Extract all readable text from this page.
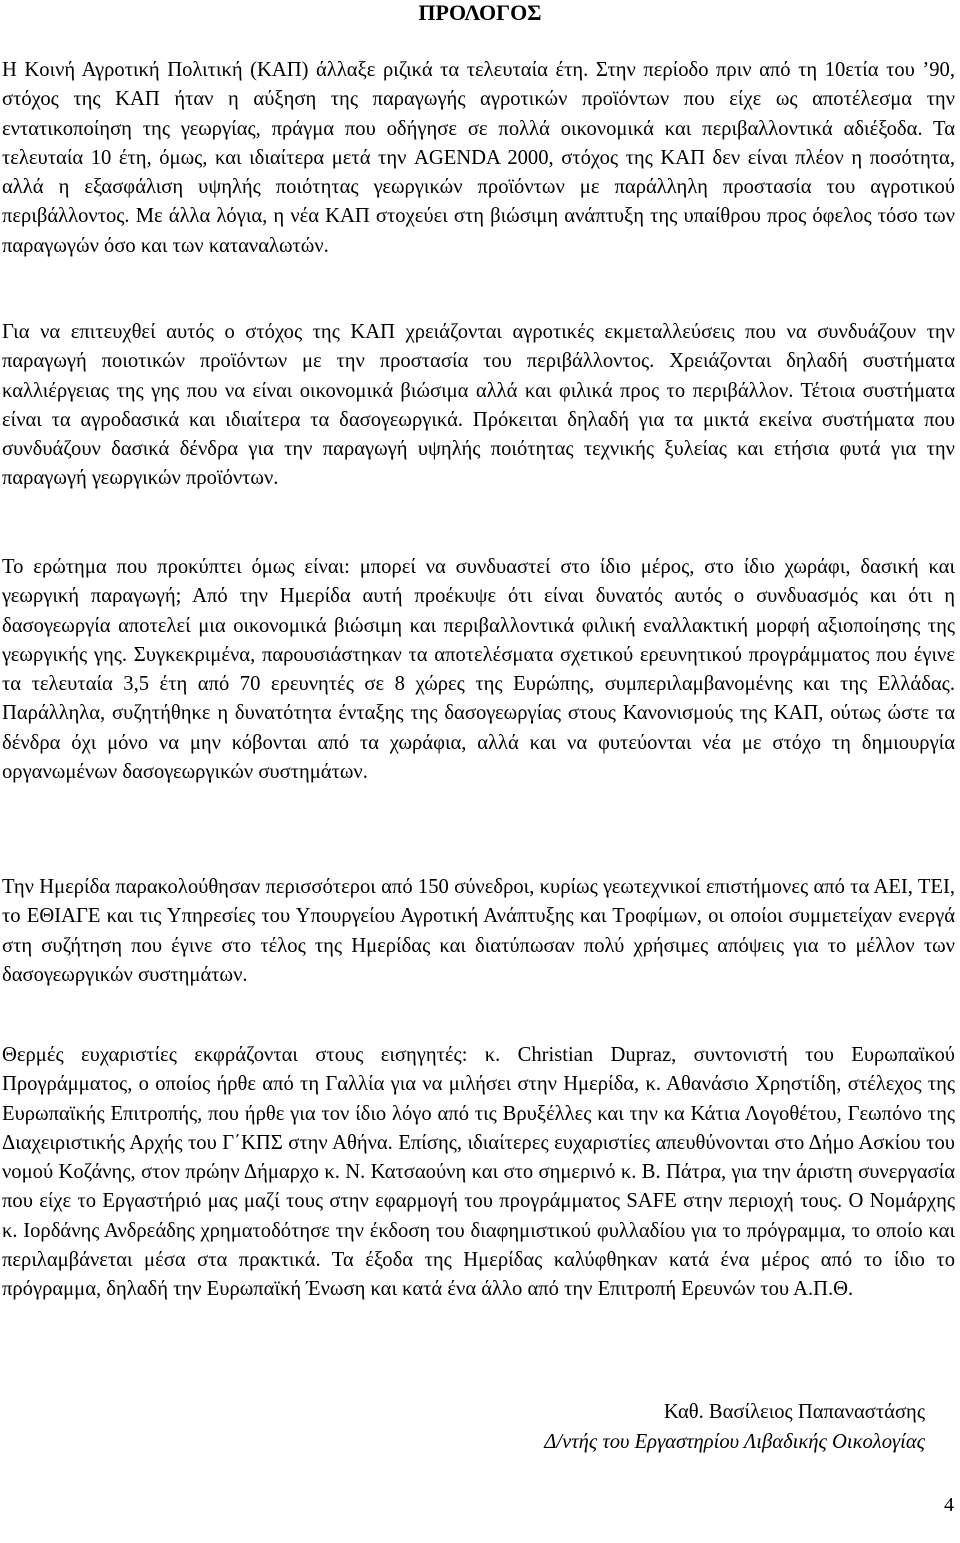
ΠΡΟΛΟΓΟΣ

Η Κοινή Αγροτική Πολιτική (ΚΑΠ) άλλαξε ριζικά τα τελευταία έτη. Στην περίοδο πριν από τη 10ετία του ’90, στόχος της ΚΑΠ ήταν η αύξηση της παραγωγής αγροτικών προϊόντων που είχε ως αποτέλεσμα την εντατικοποίηση της γεωργίας, πράγμα που οδήγησε σε πολλά οικονομικά και περιβαλλοντικά αδιέξοδα. Τα τελευταία 10 έτη, όμως, και ιδιαίτερα μετά την AGENDA 2000, στόχος της ΚΑΠ δεν είναι πλέον η ποσότητα, αλλά η εξασφάλιση υψηλής ποιότητας γεωργικών προϊόντων με παράλληλη προστασία του αγροτικού περιβάλλοντος. Με άλλα λόγια, η νέα ΚΑΠ στοχεύει στη βιώσιμη ανάπτυξη της υπαίθρου προς όφελος τόσο των παραγωγών όσο και των καταναλωτών.

Για να επιτευχθεί αυτός ο στόχος της ΚΑΠ χρειάζονται αγροτικές εκμεταλλεύσεις που να συνδυάζουν την παραγωγή ποιοτικών προϊόντων με την προστασία του περιβάλλοντος. Χρειάζονται δηλαδή συστήματα καλλιέργειας της γης που να είναι οικονομικά βιώσιμα αλλά και φιλικά προς το περιβάλλον. Τέτοια συστήματα είναι τα αγροδασικά και ιδιαίτερα τα δασογεωργικά. Πρόκειται δηλαδή για τα μικτά εκείνα συστήματα που συνδυάζουν δασικά δένδρα για την παραγωγή υψηλής ποιότητας τεχνικής ξυλείας και ετήσια φυτά για την παραγωγή γεωργικών προϊόντων.

Το ερώτημα που προκύπτει όμως είναι: μπορεί να συνδυαστεί στο ίδιο μέρος, στο ίδιο χωράφι, δασική και γεωργική παραγωγή; Από την Ημερίδα αυτή προέκυψε ότι είναι δυνατός αυτός ο συνδυασμός και ότι η δασογεωργία αποτελεί μια οικονομικά βιώσιμη και περιβαλλοντικά φιλική εναλλακτική μορφή αξιοποίησης της γεωργικής γης. Συγκεκριμένα, παρουσιάστηκαν τα αποτελέσματα σχετικού ερευνητικού προγράμματος που έγινε τα τελευταία 3,5 έτη από 70 ερευνητές σε 8 χώρες της Ευρώπης, συμπεριλαμβανομένης και της Ελλάδας. Παράλληλα, συζητήθηκε η δυνατότητα ένταξης της δασογεωργίας στους Κανονισμούς της ΚΑΠ, ούτως ώστε τα δένδρα όχι μόνο να μην κόβονται από τα χωράφια, αλλά και να φυτεύονται νέα με στόχο τη δημιουργία οργανωμένων δασογεωργικών συστημάτων.

Την Ημερίδα παρακολούθησαν περισσότεροι από 150 σύνεδροι, κυρίως γεωτεχνικοί επιστήμονες από τα ΑΕΙ, ΤΕΙ, το ΕΘΙΑΓΕ και τις Υπηρεσίες του Υπουργείου Αγροτική Ανάπτυξης και Τροφίμων, οι οποίοι συμμετείχαν ενεργά στη συζήτηση που έγινε στο τέλος της Ημερίδας και διατύπωσαν πολύ χρήσιμες απόψεις για το μέλλον των δασογεωργικών συστημάτων.

Θερμές ευχαριστίες εκφράζονται στους εισηγητές: κ. Christian Dupraz, συντονιστή του Ευρωπαϊκού Προγράμματος, ο οποίος ήρθε από τη Γαλλία για να μιλήσει στην Ημερίδα, κ. Αθανάσιο Χρηστίδη, στέλεχος της Ευρωπαϊκής Επιτροπής, που ήρθε για τον ίδιο λόγο από τις Βρυξέλλες και την κα Κάτια Λογοθέτου, Γεωπόνο της Διαχειριστικής Αρχής του Γ΄ΚΠΣ στην Αθήνα. Επίσης, ιδιαίτερες ευχαριστίες απευθύνονται στο Δήμο Ασκίου του νομού Κοζάνης, στον πρώην Δήμαρχο κ. Ν. Κατσαούνη και στο σημερινό κ. Β. Πάτρα, για την άριστη συνεργασία που είχε το Εργαστήριό μας μαζί τους στην εφαρμογή του προγράμματος SAFE στην περιοχή τους. Ο Νομάρχης κ. Ιορδάνης Ανδρεάδης χρηματοδότησε την έκδοση του διαφημιστικού φυλλαδίου για το πρόγραμμα, το οποίο και περιλαμβάνεται μέσα στα πρακτικά. Τα έξοδα της Ημερίδας καλύφθηκαν κατά ένα μέρος από το ίδιο το πρόγραμμα, δηλαδή την Ευρωπαϊκή Ένωση και κατά ένα άλλο από την Επιτροπή Ερευνών του Α.Π.Θ.

Καθ. Βασίλειος Παπαναστάσης

Δ/ντής του Εργαστηρίου Λιβαδικής Οικολογίας

4
